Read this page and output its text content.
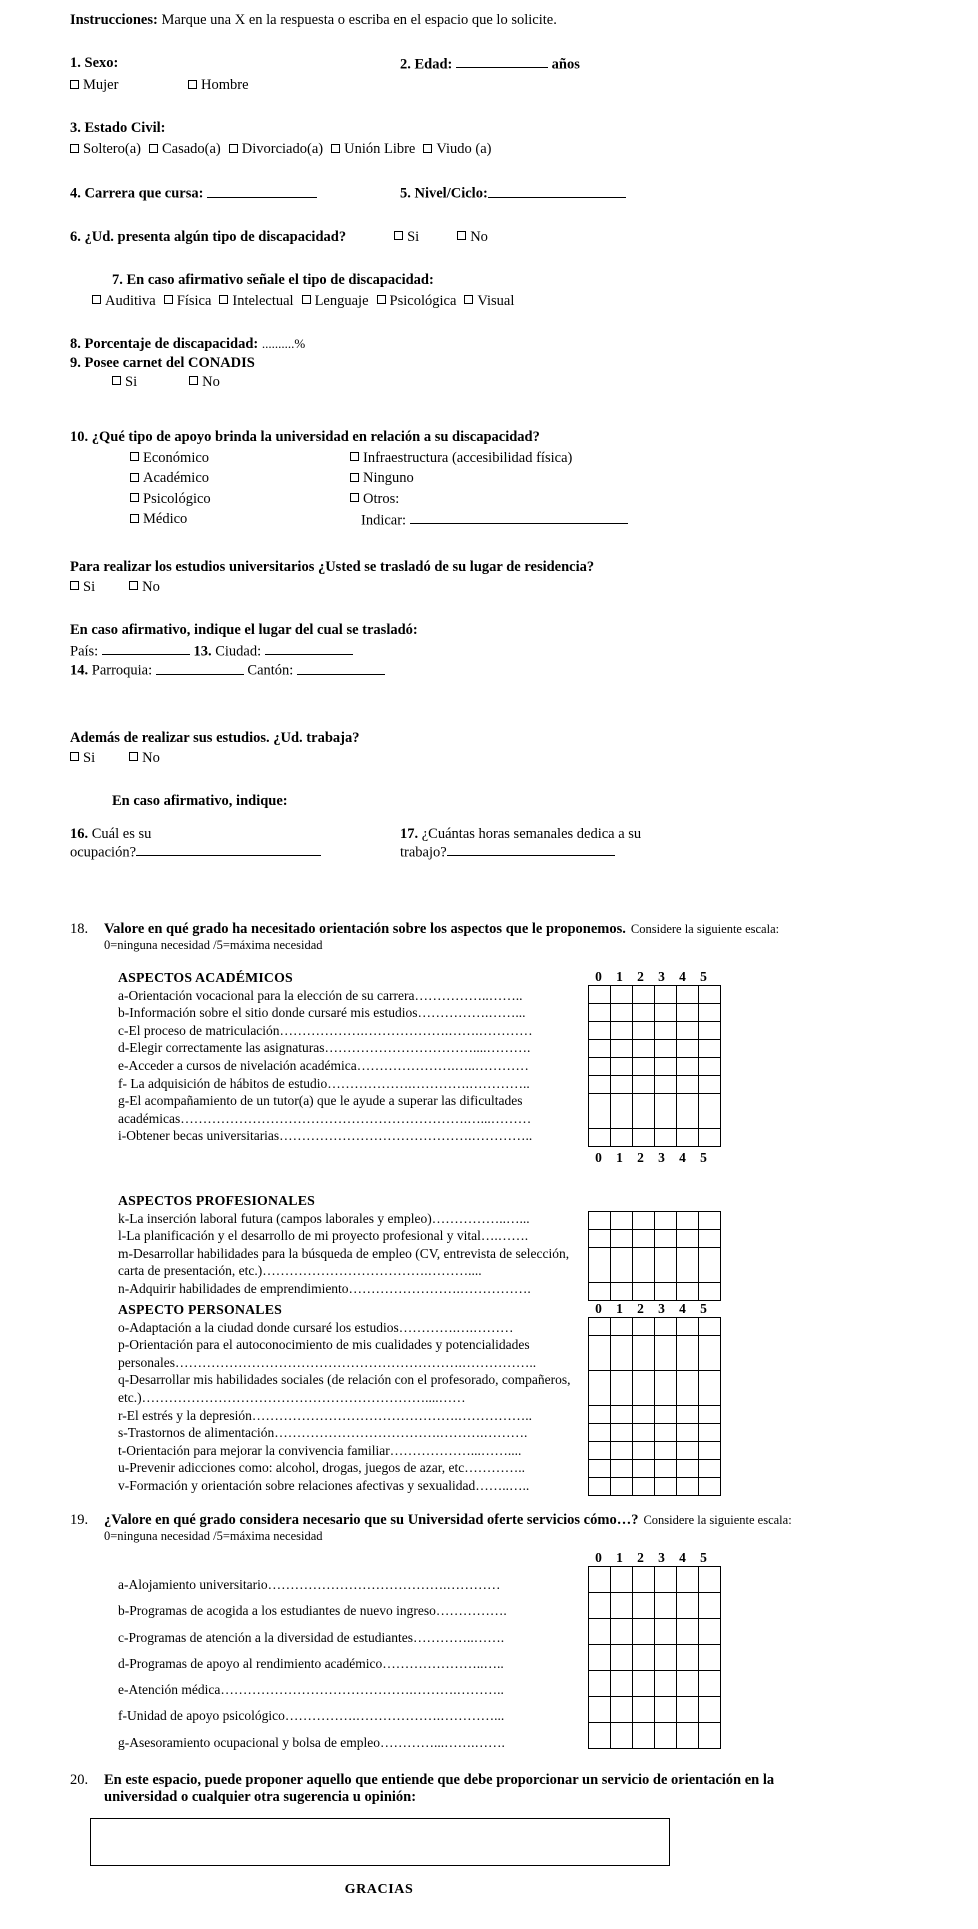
Instrucciones: Marque una X en la respuesta o escriba en el espacio que lo solicite.
1. Sexo:	2. Edad:	años
Mujer	Hombre
3. Estado Civil:
Soltero(a) Casado(a) Divorciado(a) Unión Libre Viudo (a)
4. Carrera que cursa:	5. Nivel/Ciclo:
6. ¿Ud. presenta algún tipo de discapacidad?	Si	No
7. En caso afirmativo señale el tipo de discapacidad:
Auditiva Física Intelectual Lenguaje Psicológica Visual
8. Porcentaje de discapacidad: ..........%
9. Posee carnet del CONADIS
Si	No
10. ¿Qué tipo de apoyo brinda la universidad en relación a su discapacidad?
Económico
Académico
Psicológico
Médico
Infraestructura (accesibilidad física)
Ninguno
Otros:
Indicar:
Para realizar los estudios universitarios ¿Usted se trasladó de su lugar de residencia?
Si	No
En caso afirmativo, indique el lugar del cual se trasladó:
País:	13. Ciudad:
14. Parroquia:	Cantón:
Además de realizar sus estudios. ¿Ud. trabaja?
Si	No
En caso afirmativo, indique:
16. Cuál es su
ocupación?
17. ¿Cuántas horas semanales dedica a su
trabajo?
18.	Valore en qué grado ha necesitado orientación sobre los aspectos que le proponemos. Considere la siguiente escala:
0=ninguna necesidad /5=máxima necesidad
ASPECTOS ACADÉMICOS
a-Orientación vocacional para la elección de su carrera……………..……..
b-Información sobre el sitio donde cursaré mis estudios…………….……...
c-El proceso de matriculación……………….……………….…….…………
d-Elegir correctamente las asignaturas……………………………....……….
e-Acceder a cursos de nivelación académica………………….…..…………
f- La adquisición de hábitos de estudio……………….………….…………..
g-El acompañamiento de un tutor(a) que le ayude a superar las dificultades académicas……………………………………………………….…...………
i-Obtener becas universitarias…………………………………….…………..
0	1	2	3	4	5

0	1	2	3	4	5
ASPECTOS PROFESIONALES
k-La inserción laboral futura (campos laborales y empleo)……………..…...
l-La planificación y el desarrollo de mi proyecto profesional y vital….…….
m-Desarrollar habilidades para la búsqueda de empleo (CV, entrevista de selección, carta de presentación, etc.)……………………………….………....
n-Adquirir habilidades de emprendimiento…………………….…………….

ASPECTO PERSONALES
o-Adaptación a la ciudad donde cursaré los estudios………….….………
p-Orientación para el autoconocimiento de mis cualidades y potencialidades personales……………………………………………………….……………..
q-Desarrollar mis habilidades sociales (de relación con el profesorado, compañeros, etc.)………………………………………………………....……
r-El estrés y la depresión……………………………………….……………..
s-Trastornos de alimentación……………………………….……….……….
t-Orientación para mejorar la convivencia familiar………………...……....
u-Prevenir adicciones como: alcohol, drogas, juegos de azar, etc…………..
v-Formación y orientación sobre relaciones afectivas y sexualidad……..…..
0	1	2	3	4	5

19.	¿Valore en qué grado considera necesario que su Universidad oferte servicios cómo…? Considere la siguiente escala:
0=ninguna necesidad /5=máxima necesidad
a-Alojamiento universitario………………………………….…………
b-Programas de acogida a los estudiantes de nuevo ingreso…………….
c-Programas de atención a la diversidad de estudiantes…………..…….
d-Programas de apoyo al rendimiento académico…………………..…..
e-Atención médica…………………………………….……….………..
f-Unidad de apoyo psicológico…………….……………….…………...
g-Asesoramiento ocupacional y bolsa de empleo…………...…….…….
0	1	2	3	4	5

20.	En este espacio, puede proponer aquello que entiende que debe proporcionar un servicio de orientación en la
universidad o cualquier otra sugerencia u opinión:
GRACIAS
